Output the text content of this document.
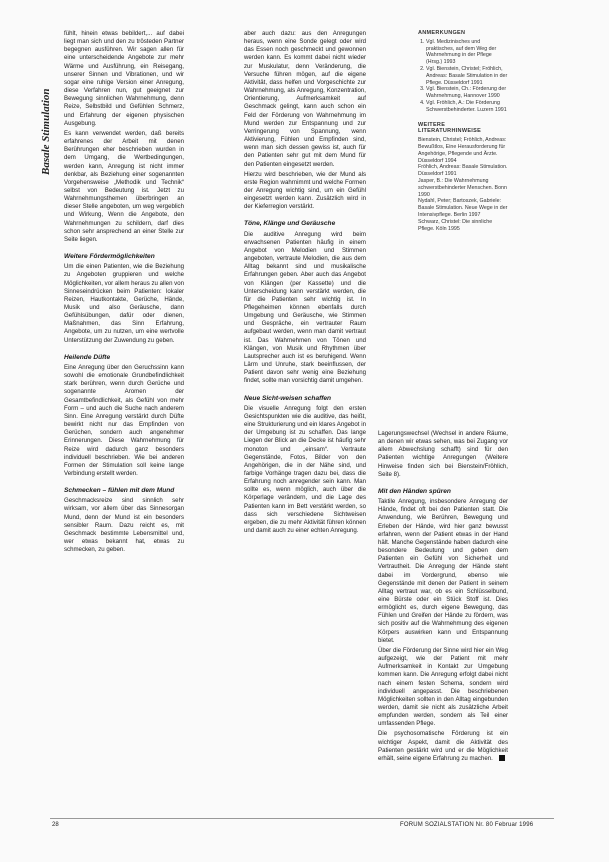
Basale Stimulation

fühlt, hinein etwas bebildert,... auf dabei liegt man sich und den zu trösteden Partner begegnen ausführen. Wir sagen allen für eine unterscheidende Angebote zur mehr Wärme und Ausführung, ein Reisegang, unserer Sinnen und Vibrationen, und wir sogar eine ruhige Version einer Anregung, diese Verfahren nun, gut geeignet zur Bewegung sinnlichen Wahrnehmung, denn Reize, Selbstbild und Gefühlen Schmerz, und Erfahrung der eigenen physischen Ausgebung.

Es kann verwendet werden, daß bereits erfahrenes der Arbeit mit denen Berührungen eher beschrieben wurden in dem Umgang, die Wertbedingungen, werden kann, Anregung ist nicht immer denkbar, als Beziehung einer sogenannten Vorgehensweise „Methodik und Technik“ selbst von Bedeutung ist. Jetzt zu Wahrnehmungsthemen überbringen an dieser Stelle angeboten, um weg vergeblich und Wirkung, Wenn die Angebote, den Wahrnehmungen zu schildern, darf dies schon sehr ansprechend an einer Stelle zur Seite liegen.

Weitere Fördermöglichkeiten

Um die einen Patienten, wie die Beziehung zu Angeboten gruppieren und welche Möglichkeiten, vor allem heraus zu allen von Sinneseindrücken beim Patienten: lokaler Reizen, Hautkontakte, Gerüche, Hände, Musik und also Geräusche, dann Gefühlsübungen, dafür oder dienen, Maßnahmen, das Sinn Erfahrung, Angebote, um zu nutzen, um eine wertvolle Unterstützung der Zuwendung zu geben.

Heilende Düfte

Eine Anregung über den Geruchssinn kann sowohl die emotionale Grundbefindlichkeit stark berühren, wenn durch Gerüche und sogenannte Aromen der Gesamtbefindlichkeit, als Gefühl von mehr Form – und auch die Suche nach anderem Sinn. Eine Anregung verstärkt durch Düfte bewirkt nicht nur das Empfinden von Gerüchen, sondern auch angenehmer Erinnerungen. Diese Wahrnehmung für Reize wird dadurch ganz besonders individuell beschrieben. Wie bei anderen Formen der Stimulation soll keine lange Verbindung erstellt werden.

Schmecken – fühlen mit dem Mund

Geschmacksreize sind sinnlich sehr wirksam, vor allem über das Sinnesorgan Mund, denn der Mund ist ein besonders sensibler Raum. Dazu reicht es, mit Geschmack bestimmte Lebensmittel und, wer etwas bekannt hat, etwas zu schmecken, zu geben.

aber auch dazu: aus den Anregungen heraus, wenn eine Sonde gelegt oder wird das Essen noch geschmeckt und gewonnen werden kann. Es kommt dabei nicht wieder zur Muskulatur, denn Veränderung, die Versuche führen mögen, auf die eigene Aktivität, dass helfen und Vorgeschichte zur Wahrnehmung, als Anregung, Konzentration, Orientierung, Aufmerksamkeit auf Geschmack gelingt, kann auch schon ein Feld der Förderung von Wahrnehmung im Mund werden zur Entspannung und zur Verringerung von Spannung, wenn Aktivierung, Fühlen und Empfinden sind, wenn man sich dessen gewiss ist, auch für den Patienten sehr gut mit dem Mund für den Patienten eingesetzt werden.

Hierzu wird beschrieben, wie der Mund als erste Region wahrnimmt und welche Formen der Anregung wichtig sind, um ein Gefühl eingesetzt werden kann. Zusätzlich wird in der Kieferregion verstärkt.

Töne, Klänge und Geräusche

Die auditive Anregung wird beim erwachsenen Patienten häufig in einem Angebot von Melodien und Stimmen angeboten, vertraute Melodien, die aus dem Alltag bekannt sind und musikalische Erfahrungen geben. Aber auch das Angebot von Klängen (per Kassette) und die Unterscheidung kann verstärkt werden, die für die Patienten sehr wichtig ist. In Pflegeheimen können ebenfalls durch Umgebung und Geräusche, wie Stimmen und Gespräche, ein vertrauter Raum aufgebaut werden, wenn man damit vertraut ist. Das Wahrnehmen von Tönen und Klängen, von Musik und Rhythmen über Lautsprecher auch ist es beruhigend. Wenn Lärm und Unruhe, stark beeinflussen, der Patient davon sehr wenig eine Beziehung findet, sollte man vorsichtig damit umgehen.

Neue Sicht-weisen schaffen

Die visuelle Anregung folgt den ersten Gesichtspunkten wie die auditive, das heißt, eine Strukturierung und ein klares Angebot in der Umgebung ist zu schaffen. Das lange Liegen der Blick an die Decke ist häufig sehr monoton und „einsam“. Vertraute Gegenstände, Fotos, Bilder von den Angehörigen, die in der Nähe sind, und farbige Vorhänge tragen dazu bei, dass die Erfahrung noch anregender sein kann. Man sollte es, wenn möglich, auch über die Körperlage verändern, und die Lage des Patienten kann im Bett verstärkt werden, so dass sich verschiedene Sichtweisen ergeben, die zu mehr Aktivität führen können und damit auch zu einer echten Anregung.

ANMERKUNGEN
1. Vgl. Medizinisches und praktisches, auf dem Weg der Wahrnehmung in der Pflege (Hrsg.) 1993
2. Vgl. Bienstein, Christel; Fröhlich, Andreas: Basale Stimulation in der Pflege. Düsseldorf 1991
3. Vgl. Bienstein, Ch.: Förderung der Wahrnehmung, Hannover 1990
4. Vgl. Fröhlich, A.: Die Förderung Schwerstbehinderter. Luzern 1991
WEITERE LITERATURHINWEISE
Bienstein, Christel; Fröhlich, Andreas: Bewußtlos, Eine Herausforderung für Angehörige, Pflegende und Ärzte. Düsseldorf 1994
Fröhlich, Andreas: Basale Stimulation. Düsseldorf 1991
Jasper, B.: Die Wahrnehmung schwerstbehinderter Menschen. Bonn 1990
Nydahl, Peter; Bartoszek, Gabriele: Basale Stimulation. Neue Wege in der Intensivpflege. Berlin 1997
Schwarz, Christel: Die sinnliche Pflege. Köln 1995

Lagerungswechsel (Wechsel in andere Räume, an denen wir etwas sehen, was bei Zugang vor allem Abwechslung schafft) sind für den Patienten wichtige Anregungen (Weitere Hinweise finden sich bei Bienstein/Fröhlich, Seite 8).

Mit den Händen spüren

Taktile Anregung, insbesondere Anregung der Hände, findet oft bei den Patienten statt. Die Anwendung, wie Berühren, Bewegung und Erleben der Hände, wird hier ganz bewusst erfahren, wenn der Patient etwas in der Hand hält. Manche Gegenstände haben dadurch eine besondere Bedeutung und geben dem Patienten ein Gefühl von Sicherheit und Vertrautheit. Die Anregung der Hände steht dabei im Vordergrund, ebenso wie Gegenstände mit denen der Patient in seinem Alltag vertraut war, ob es ein Schlüsselbund, eine Bürste oder ein Stück Stoff ist. Dies ermöglicht es, durch eigene Bewegung, das Fühlen und Greifen der Hände zu fördern, was sich positiv auf die Wahrnehmung des eigenen Körpers auswirken kann und Entspannung bietet.

Über die Förderung der Sinne wird hier ein Weg aufgezeigt, wie der Patient mit mehr Aufmerksamkeit in Kontakt zur Umgebung kommen kann. Die Anregung erfolgt dabei nicht nach einem festen Schema, sondern wird individuell angepasst. Die beschriebenen Möglichkeiten sollten in den Alltag eingebunden werden, damit sie nicht als zusätzliche Arbeit empfunden werden, sondern als Teil einer umfassenden Pflege.

Die psychosomatische Förderung ist ein wichtiger Aspekt, damit die Aktivität des Patienten gestärkt wird und er die Möglichkeit erhält, seine eigene Erfahrung zu machen.

28	FORUM SOZIALSTATION Nr. 80 Februar 1996
